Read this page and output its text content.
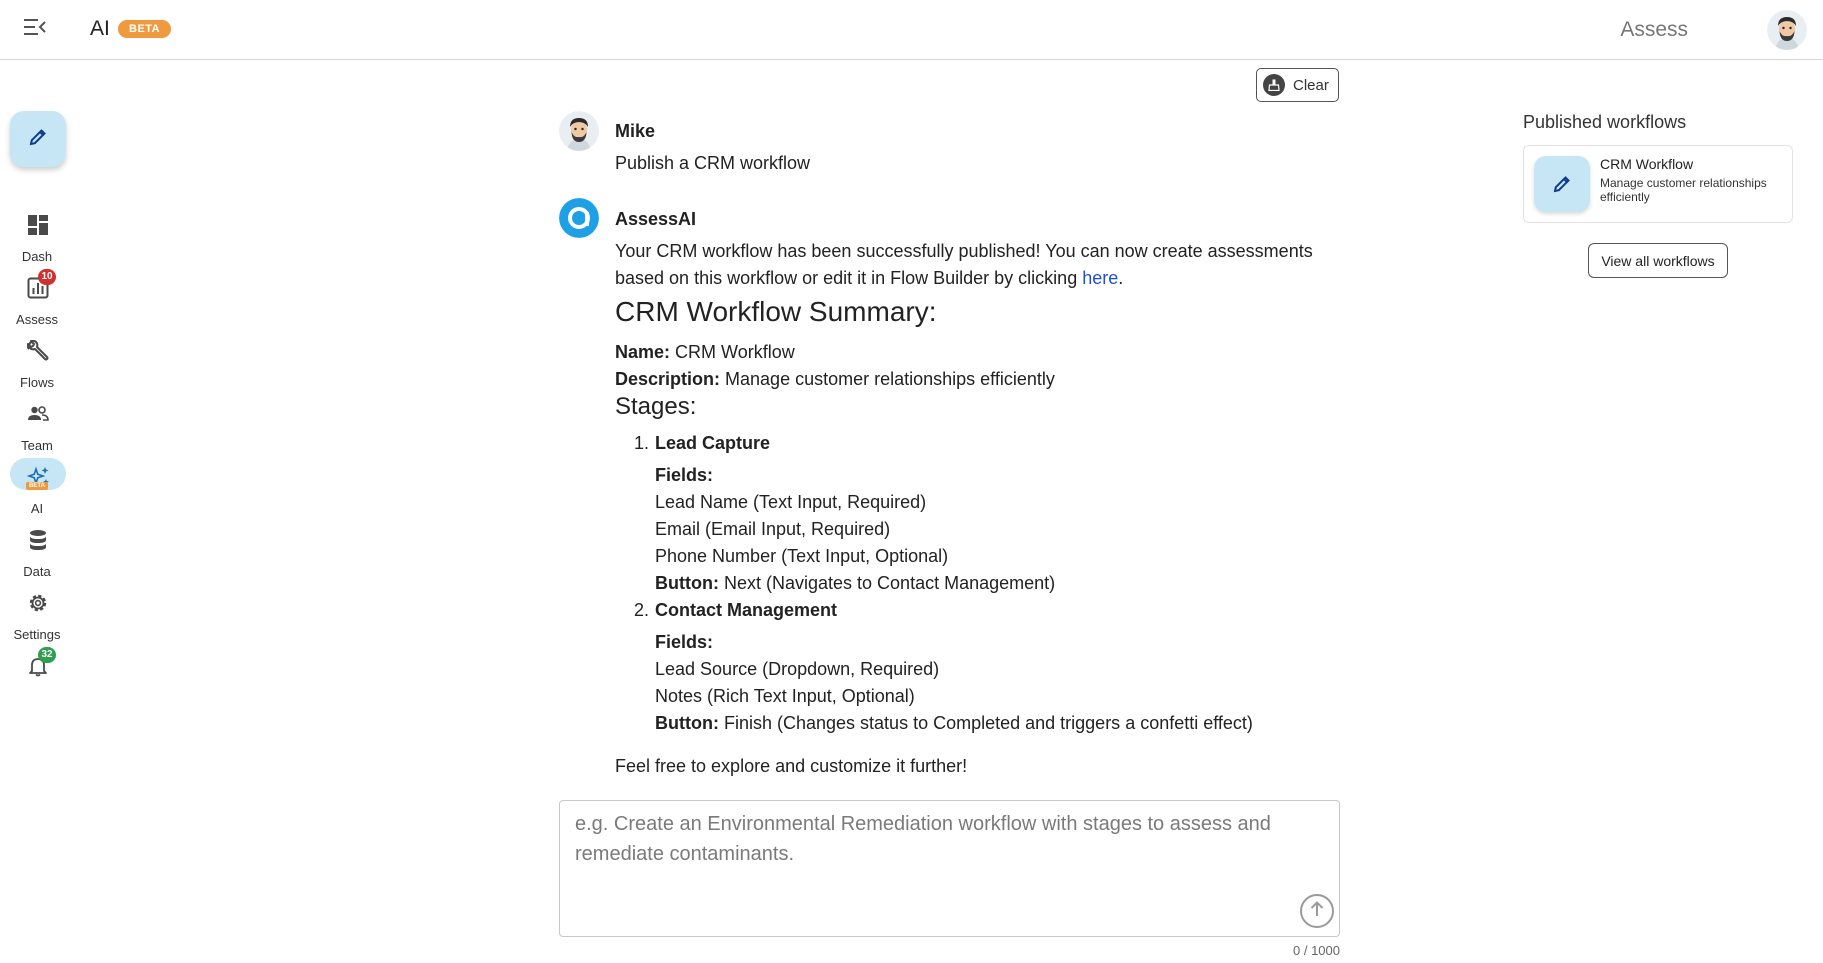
AI	BETA	Assess
Dash
10
Assess
Flows
Team
BETA
AI
Data
Settings
32
Clear
Mike
Publish a CRM workflow
AssessAI

Your CRM workflow has been successfully published! You can now create assessments based on this workflow or edit it in Flow Builder by clicking here.

CRM Workflow Summary:
Name: CRM Workflow
Description: Manage customer relationships efficiently
Stages:
1. Lead Capture
Fields:
Lead Name (Text Input, Required)
Email (Email Input, Required)
Phone Number (Text Input, Optional)
Button: Next (Navigates to Contact Management)
2. Contact Management
Fields:
Lead Source (Dropdown, Required)
Notes (Rich Text Input, Optional)
Button: Finish (Changes status to Completed and triggers a confetti effect)
Feel free to explore and customize it further!
e.g. Create an Environmental Remediation workflow with stages to assess and remediate contaminants.
0 / 1000
Published workflows
CRM Workflow
Manage customer relationships efficiently
View all workflows
